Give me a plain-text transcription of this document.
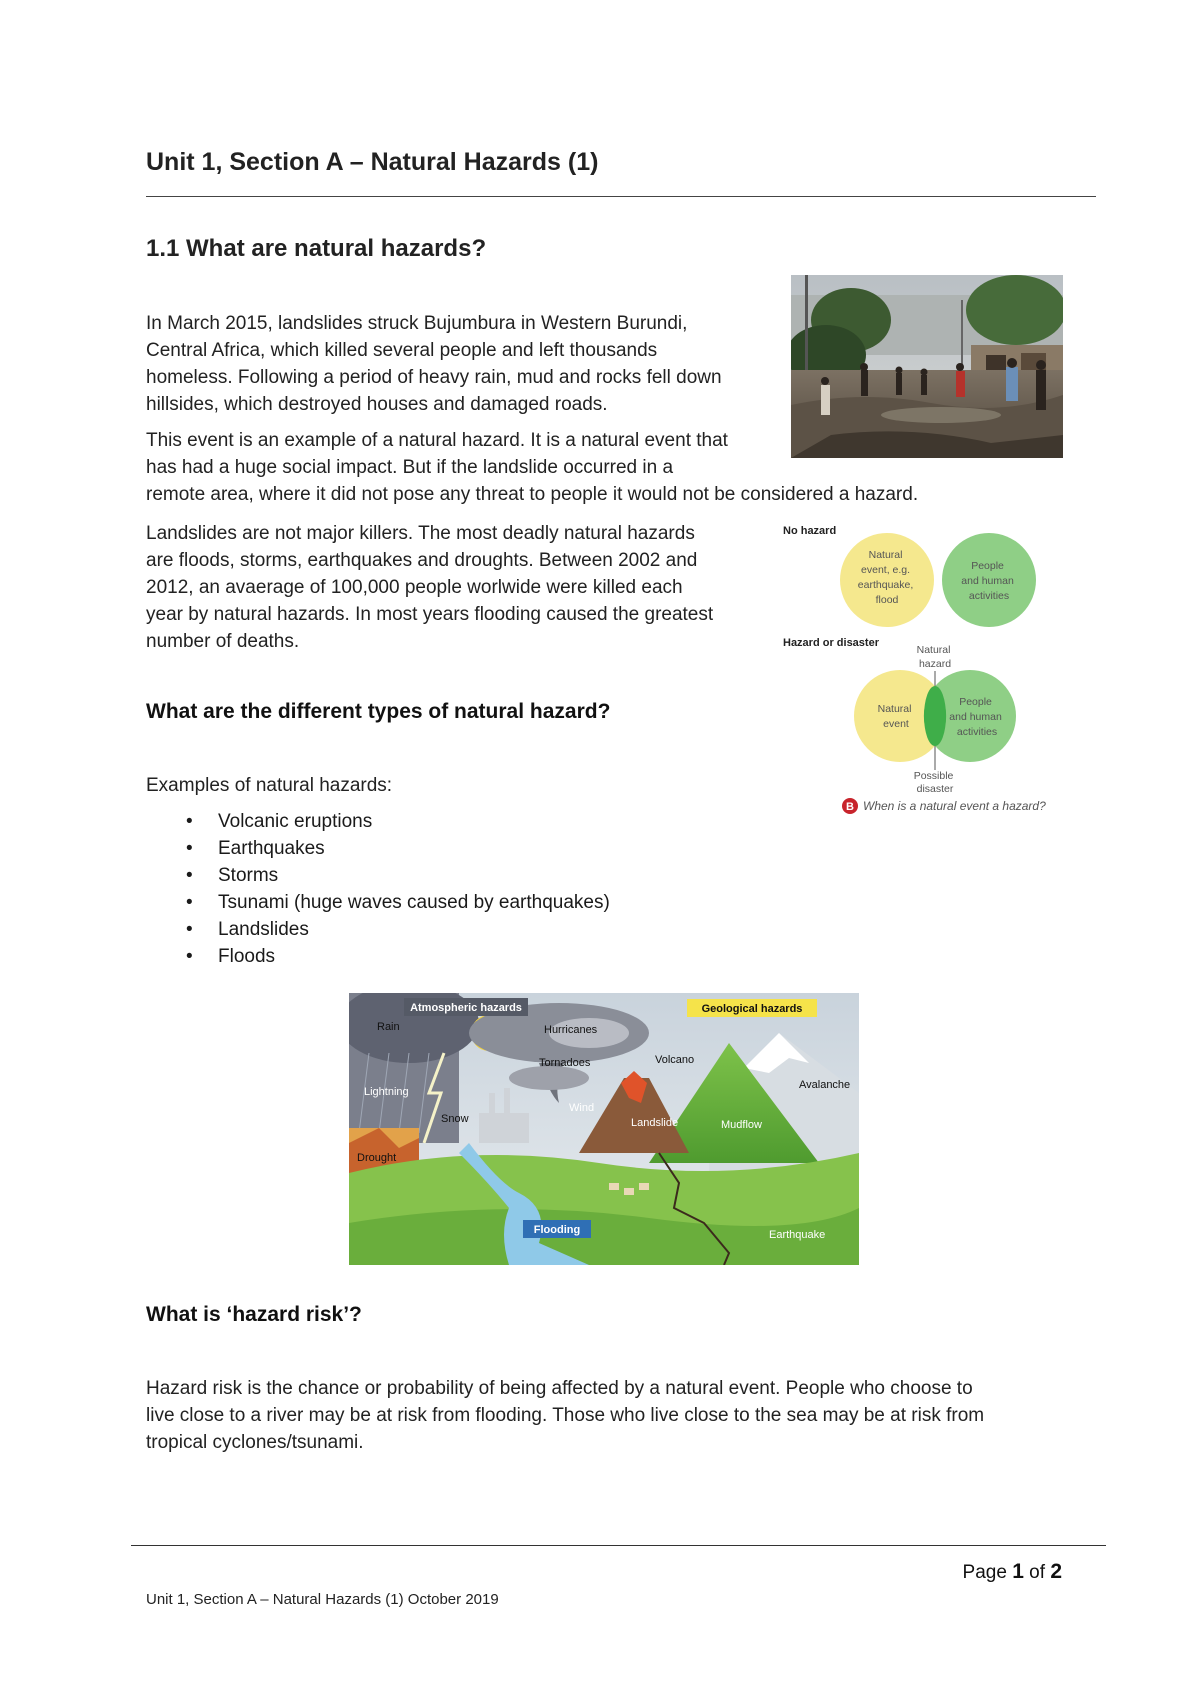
Unit 1, Section A – Natural Hazards (1)
1.1 What are natural hazards?
In March 2015, landslides struck Bujumbura in Western Burundi,
Central Africa, which killed several people and left thousands
homeless. Following a period of heavy rain, mud and rocks fell down
hillsides, which destroyed houses and damaged roads.
This event is an example of a natural hazard. It is a natural event that
has had a huge social impact. But if the landslide occurred in a
remote area, where it did not pose any threat to people it would not be considered a hazard.
Landslides are not major killers. The most deadly natural hazards
are floods, storms, earthquakes and droughts. Between 2002 and
2012, an avaerage of 100,000 people worlwide were killed each
year by natural hazards. In most years flooding caused the greatest
number of deaths.
No hazard
Natural event, e.g. earthquake, flood
People and human activities
Hazard or disaster
Natural hazard
Natural event
People and human activities
Possible disaster
B When is a natural event a hazard?
What are the different types of natural hazard?
Examples of natural hazards:
• Volcanic eruptions
• Earthquakes
• Storms
• Tsunami (huge waves caused by earthquakes)
• Landslides
• Floods
Atmospheric hazards	Geological hazards
Rain	Hurricanes
Tornadoes	Volcano
Avalanche
Lightning
Snow
Wind
Landslide	Mudflow
Drought
Flooding	Earthquake
What is ‘hazard risk’?
Hazard risk is the chance or probability of being affected by a natural event. People who choose to
live close to a river may be at risk from flooding. Those who live close to the sea may be at risk from
tropical cyclones/tsunami.
Page 1 of 2
Unit 1, Section A – Natural Hazards (1) October 2019
